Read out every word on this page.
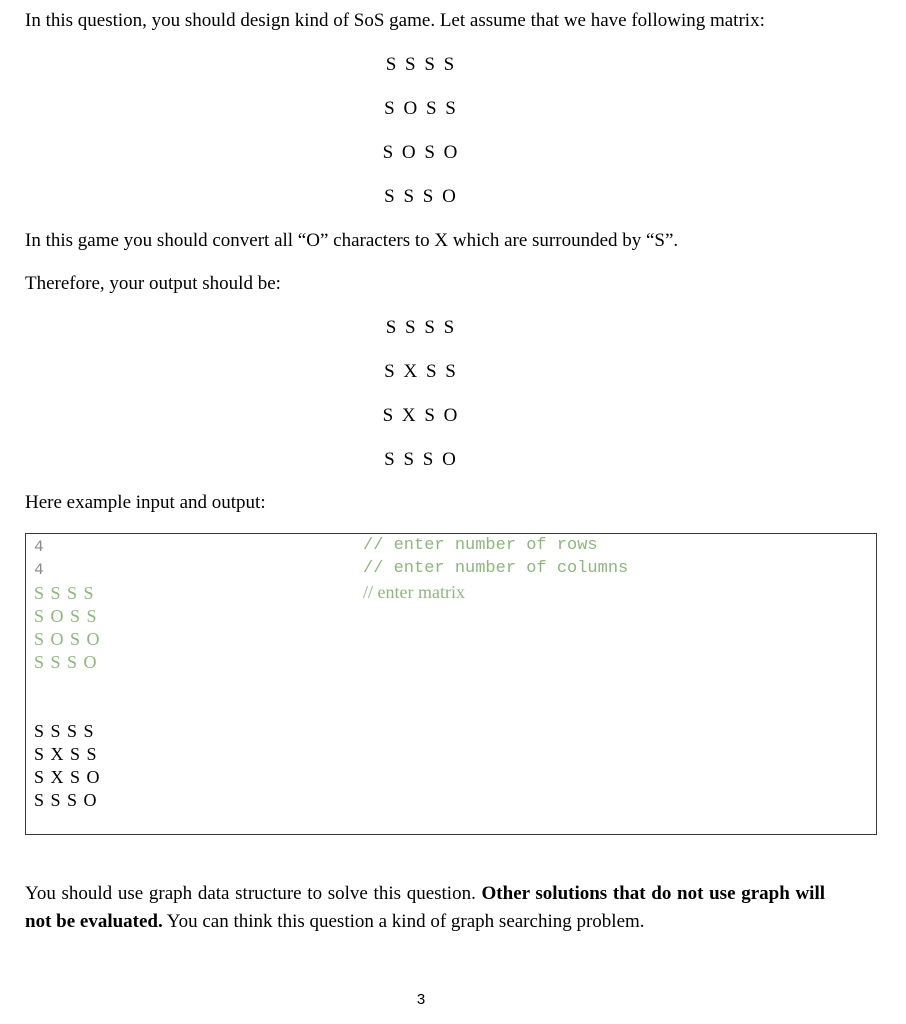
In this question, you should design kind of SoS game. Let assume that we have following matrix:

S S S S

S O S S

S O S O

S S S O

In this game you should convert all “O” characters to X which are surrounded by “S”.

Therefore, your output should be:

S S S S

S X S S

S X S O

S S S O

Here example input and output:

4
4
S S S S
S O S S
S O S O
S S S O
S S S S
S X S S
S X S O
S S S O
// enter number of rows
// enter number of columns
// enter matrix

You should use graph data structure to solve this question. Other solutions that do not use graph will not be evaluated. You can think this question a kind of graph searching problem.

3
